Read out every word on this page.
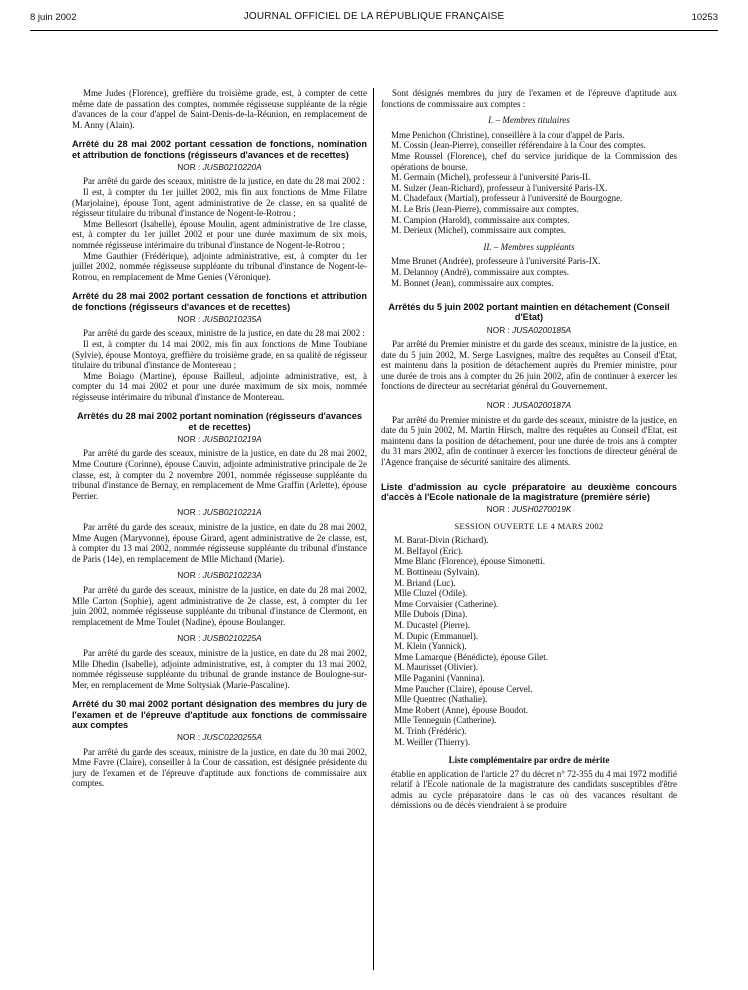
8 juin 2002	JOURNAL OFFICIEL DE LA RÉPUBLIQUE FRANÇAISE	10253

Mme Judes (Florence), greffière du troisième grade, est, à compter de cette même date de passation des comptes, nommée régisseuse suppléante de la régie d'avances de la cour d'appel de Saint-Denis-de-la-Réunion, en remplacement de M. Anny (Alain).

Arrêté du 28 mai 2002 portant cessation de fonctions, nomination et attribution de fonctions (régisseurs d'avances et de recettes)
NOR : JUSB0210220A

Par arrêté du garde des sceaux, ministre de la justice, en date du 28 mai 2002 :

Il est, à compter du 1er juillet 2002, mis fin aux fonctions de Mme Filatre (Marjolaine), épouse Tont, agent administrative de 2e classe, en sa qualité de régisseur titulaire du tribunal d'instance de Nogent-le-Rotrou ;

Mme Bellesort (Isabelle), épouse Moulin, agent administrative de 1re classe, est, à compter du 1er juillet 2002 et pour une durée maximum de six mois, nommée régisseuse intérimaire du tribunal d'instance de Nogent-le-Rotrou ;

Mme Gauthier (Frédérique), adjointe administrative, est, à compter du 1er juillet 2002, nommée régisseuse suppléante du tribunal d'instance de Nogent-le-Rotrou, en remplacement de Mme Genies (Véronique).

Arrêté du 28 mai 2002 portant cessation de fonctions et attribution de fonctions (régisseurs d'avances et de recettes)
NOR : JUSB0210235A

Par arrêté du garde des sceaux, ministre de la justice, en date du 28 mai 2002 :

Il est, à compter du 14 mai 2002, mis fin aux fonctions de Mme Toubiane (Sylvie), épouse Montoya, greffière du troisième grade, en sa qualité de régisseur titulaire du tribunal d'instance de Montereau ;

Mme Boiago (Martine), épouse Bailleul, adjointe administrative, est, à compter du 14 mai 2002 et pour une durée maximum de six mois, nommée régisseuse intérimaire du tribunal d'instance de Montereau.

Arrêtés du 28 mai 2002 portant nomination (régisseurs d'avances et de recettes)
NOR : JUSB0210219A

Par arrêté du garde des sceaux, ministre de la justice, en date du 28 mai 2002, Mme Couture (Corinne), épouse Cauvin, adjointe administrative principale de 2e classe, est, à compter du 2 novembre 2001, nommée régisseuse suppléante du tribunal d'instance de Bernay, en remplacement de Mme Graffin (Arlette), épouse Perrier.

NOR : JUSB0210221A

Par arrêté du garde des sceaux, ministre de la justice, en date du 28 mai 2002, Mme Augen (Maryvonne), épouse Girard, agent administrative de 2e classe, est, à compter du 13 mai 2002, nommée régisseuse suppléante du tribunal d'instance de Paris (14e), en remplacement de Mlle Michaud (Marie).

NOR : JUSB0210223A

Par arrêté du garde des sceaux, ministre de la justice, en date du 28 mai 2002, Mlle Carton (Sophie), agent administrative de 2e classe, est, à compter du 1er juin 2002, nommée régisseuse suppléante du tribunal d'instance de Clermont, en remplacement de Mme Toulet (Nadine), épouse Boulanger.

NOR : JUSB0210225A

Par arrêté du garde des sceaux, ministre de la justice, en date du 28 mai 2002, Mlle Dhedin (Isabelle), adjointe administrative, est, à compter du 13 mai 2002, nommée régisseuse suppléante du tribunal de grande instance de Boulogne-sur-Mer, en remplacement de Mme Soltysiak (Marie-Pascaline).

Arrêté du 30 mai 2002 portant désignation des membres du jury de l'examen et de l'épreuve d'aptitude aux fonctions de commissaire aux comptes
NOR : JUSC0220255A

Par arrêté du garde des sceaux, ministre de la justice, en date du 30 mai 2002, Mme Favre (Claire), conseiller à la Cour de cassation, est désignée présidente du jury de l'examen et de l'épreuve d'aptitude aux fonctions de commissaire aux comptes.

Sont désignés membres du jury de l'examen et de l'épreuve d'aptitude aux fonctions de commissaire aux comptes :

I. – Membres titulaires

Mme Penichon (Christine), conseillère à la cour d'appel de Paris.

M. Cossin (Jean-Pierre), conseiller référendaire à la Cour des comptes.

Mme Roussel (Florence), chef du service juridique de la Commission des opérations de bourse.

M. Germain (Michel), professeur à l'université Paris-II.

M. Sulzer (Jean-Richard), professeur à l'université Paris-IX.

M. Chadefaux (Martial), professeur à l'université de Bourgogne.

M. Le Bris (Jean-Pierre), commissaire aux comptes.

M. Campion (Harold), commissaire aux comptes.

M. Derieux (Michel), commissaire aux comptes.

II. – Membres suppléants

Mme Brunet (Andrée), professeure à l'université Paris-IX.

M. Delannoy (André), commissaire aux comptes.

M. Bonnet (Jean), commissaire aux comptes.

Arrêtés du 5 juin 2002 portant maintien en détachement (Conseil d'Etat)
NOR : JUSA0200185A

Par arrêté du Premier ministre et du garde des sceaux, ministre de la justice, en date du 5 juin 2002, M. Serge Lasvignes, maître des requêtes au Conseil d'Etat, est maintenu dans la position de détachement auprès du Premier ministre, pour une durée de trois ans à compter du 26 juin 2002, afin de continuer à exercer les fonctions de directeur au secrétariat général du Gouvernement.

NOR : JUSA0200187A

Par arrêté du Premier ministre et du garde des sceaux, ministre de la justice, en date du 5 juin 2002, M. Martin Hirsch, maître des requêtes au Conseil d'Etat, est maintenu dans la position de détachement, pour une durée de trois ans à compter du 31 mars 2002, afin de continuer à exercer les fonctions de directeur général de l'Agence française de sécurité sanitaire des aliments.

Liste d'admission au cycle préparatoire au deuxième concours d'accès à l'Ecole nationale de la magistrature (première série)
NOR : JUSH0270019K
SESSION OUVERTE LE 4 MARS 2002

M. Barat-Divin (Richard).

M. Belfayol (Eric).

Mme Blanc (Florence), épouse Simonetti.

M. Bottineau (Sylvain).

M. Briand (Luc).

Mlle Cluzel (Odile).

Mme Corvaisier (Catherine).

Mlle Dubois (Dina).

M. Ducastel (Pierre).

M. Dupic (Emmanuel).

M. Klein (Yannick).

Mme Lamarque (Bénédicte), épouse Gilet.

M. Maurisset (Olivier).

Mlle Paganini (Vannina).

Mme Paucher (Claire), épouse Cervel.

Mlle Quentrec (Nathalie).

Mme Robert (Anne), épouse Boudot.

Mlle Tenneguin (Catherine).

M. Trinh (Frédéric).

M. Weiller (Thierry).

Liste complémentaire par ordre de mérite

établie en application de l'article 27 du décret n° 72-355 du 4 mai 1972 modifié relatif à l'Ecole nationale de la magistrature des candidats susceptibles d'être admis au cycle préparatoire dans le cas où des vacances résultant de démissions ou de décès viendraient à se produire
